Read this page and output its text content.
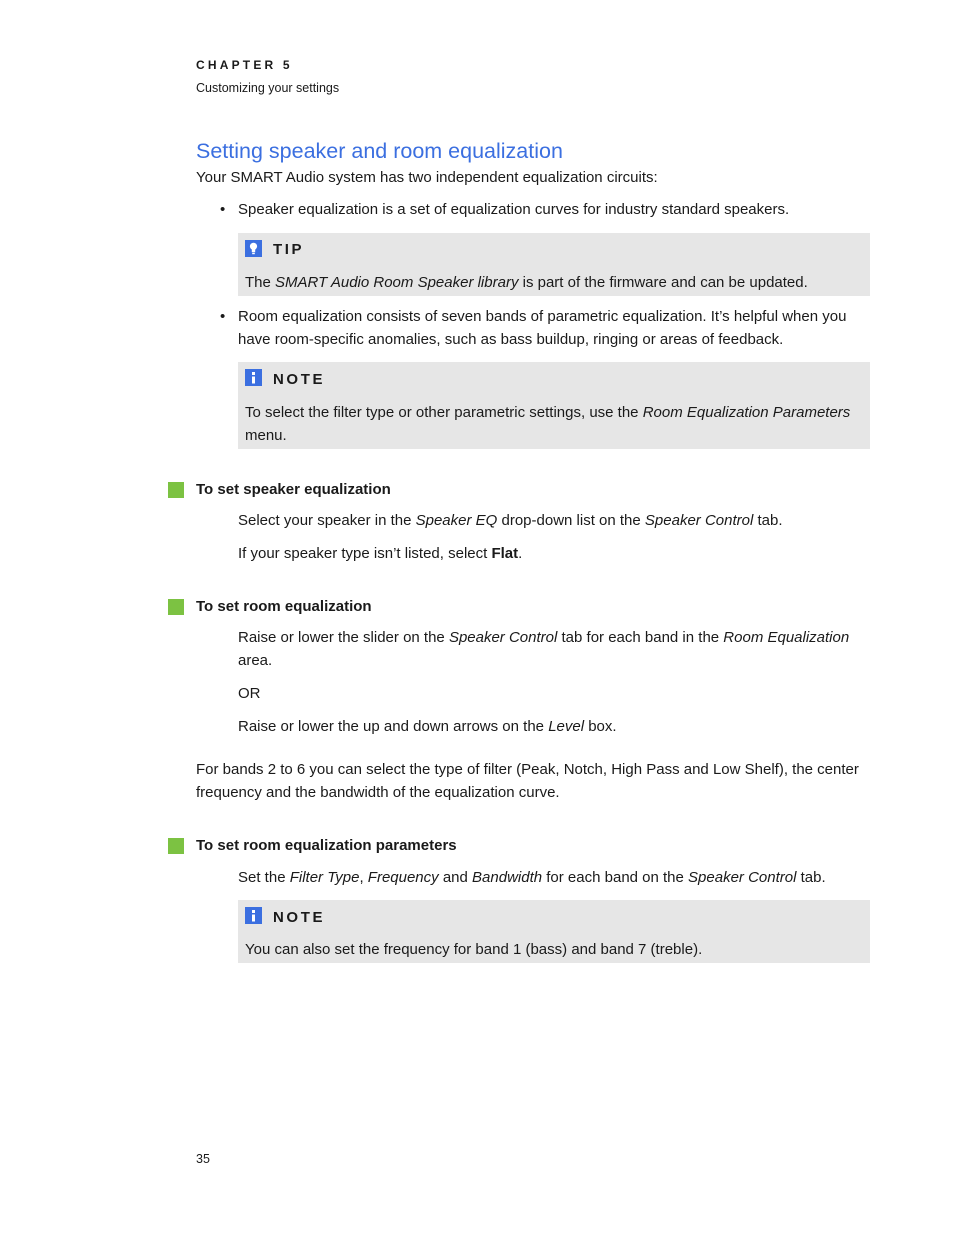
CHAPTER 5
Customizing your settings
Setting speaker and room equalization
Your SMART Audio system has two independent equalization circuits:
• Speaker equalization is a set of equalization curves for industry standard speakers.
TIP
The SMART Audio Room Speaker library is part of the firmware and can be updated.
• Room equalization consists of seven bands of parametric equalization. It’s helpful when you
have room-specific anomalies, such as bass buildup, ringing or areas of feedback.
NOTE
To select the filter type or other parametric settings, use the Room Equalization Parameters
menu.
To set speaker equalization
Select your speaker in the Speaker EQ drop-down list on the Speaker Control tab.
If your speaker type isn’t listed, select Flat.
To set room equalization
Raise or lower the slider on the Speaker Control tab for each band in the Room Equalization
area.
OR
Raise or lower the up and down arrows on the Level box.
For bands 2 to 6 you can select the type of filter (Peak, Notch, High Pass and Low Shelf), the center
frequency and the bandwidth of the equalization curve.
To set room equalization parameters
Set the Filter Type, Frequency and Bandwidth for each band on the Speaker Control tab.
NOTE
You can also set the frequency for band 1 (bass) and band 7 (treble).
35
